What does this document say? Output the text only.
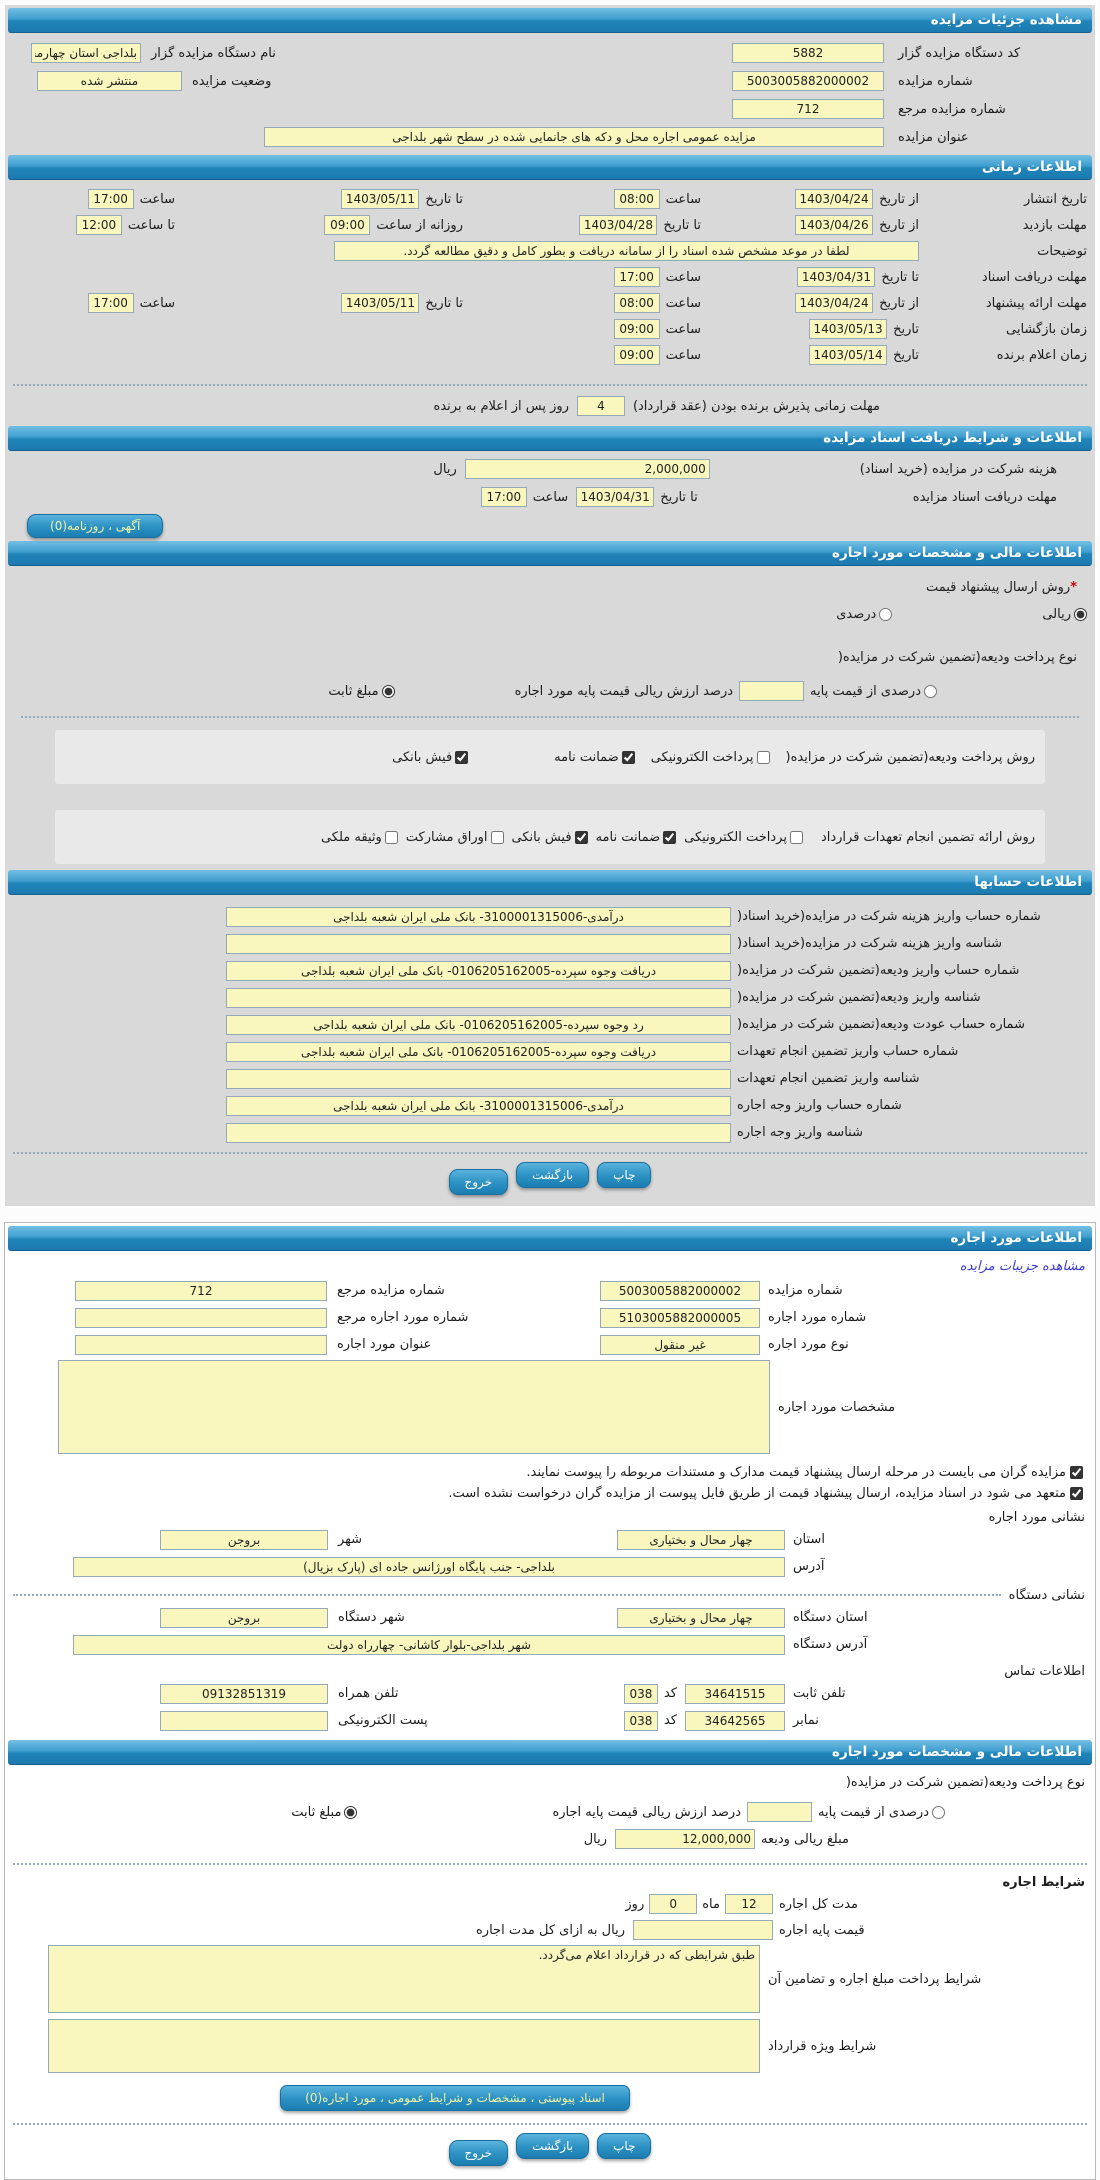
مشاهده جزئیات مزایده
کد دستگاه مزایده گزار
5882
نام دستگاه مزایده گزار
بلداجی استان چهارمحال و
شماره مزایده
5003005882000002
وضعیت مزایده
منتشر شده
شماره مزایده مرجع
712
عنوان مزایده
مزایده عمومی اجاره محل و دکه های جانمایی شده در سطح شهر بلداجی
اطلاعات زمانی
تاریخ انتشار
از تاریخ
1403/04/24
ساعت
08:00
تا تاریخ
1403/05/11
ساعت
17:00
مهلت بازدید
از تاریخ
1403/04/26
تا تاریخ
1403/04/28
روزانه از ساعت
09:00
تا ساعت
12:00
توضیحات
لطفا در موعد مشخص شده اسناد را از سامانه دریافت و بطور کامل و دقیق مطالعه گردد.
مهلت دریافت اسناد
تا تاریخ
1403/04/31
ساعت
17:00
مهلت ارائه پیشنهاد
از تاریخ
1403/04/24
ساعت
08:00
تا تاریخ
1403/05/11
ساعت
17:00
زمان بازگشایی
تاریخ
1403/05/13
ساعت
09:00
زمان اعلام برنده
تاریخ
1403/05/14
ساعت
09:00
مهلت زمانی پذیرش برنده بودن (عقد قرارداد)
4
روز پس از اعلام به برنده
اطلاعات و شرایط دریافت اسناد مزایده
هزینه شرکت در مزایده (خرید اسناد)
2,000,000
ریال
مهلت دریافت اسناد مزایده
تا تاریخ
1403/04/31
ساعت
17:00
آگهی ، روزنامه(0)
اطلاعات مالی و مشخصات مورد اجاره
*
روش ارسال پیشنهاد قیمت
ریالی
درصدی
نوع پرداخت ودیعه(تضمین شرکت در مزایده(
درصدی از قیمت پایه
درصد ارزش ریالی قیمت پایه مورد اجاره
مبلغ ثابت
روش پرداخت ودیعه(تضمین شرکت در مزایده(
پرداخت الکترونیکی
ضمانت نامه
فیش بانکی
روش ارائه تضمین انجام تعهدات قرارداد
پرداخت الکترونیکی
ضمانت نامه
فیش بانکی
اوراق مشارکت
وثیقه ملکی
اطلاعات حسابها
شماره حساب واریز هزینه شرکت در مزایده(خرید اسناد(
درآمدی-3100001315006- بانک ملی ایران شعبه بلداجی
شناسه واریز هزینه شرکت در مزایده(خرید اسناد(
شماره حساب واریز ودیعه(تضمین شرکت در مزایده(
دریافت وجوه سپرده-0106205162005- بانک ملی ایران شعبه بلداجی
شناسه واریز ودیعه(تضمین شرکت در مزایده(
شماره حساب عودت ودیعه(تضمین شرکت در مزایده(
رد وجوه سپرده-0106205162005- بانک ملی ایران شعبه بلداجی
شماره حساب واریز تضمین انجام تعهدات
دریافت وجوه سپرده-0106205162005- بانک ملی ایران شعبه بلداجی
شناسه واریز تضمین انجام تعهدات
شماره حساب واریز وجه اجاره
درآمدی-3100001315006- بانک ملی ایران شعبه بلداجی
شناسه واریز وجه اجاره
چاپ
بازگشت
خروج
اطلاعات مورد اجاره
مشاهده جزیبات مزایده
شماره مزایده
5003005882000002
شماره مزایده مرجع
712
شماره مورد اجاره
5103005882000005
شماره مورد اجاره مرجع
نوع مورد اجاره
غیر منقول
عنوان مورد اجاره
مشخصات مورد اجاره
مزایده گران می بایست در مرحله ارسال پیشنهاد قیمت مدارک و مستندات مربوطه را پیوست نمایند.
متعهد می شود در اسناد مزایده، ارسال پیشنهاد قیمت از طریق فایل پیوست از مزایده گران درخواست نشده است.
نشانی مورد اجاره
استان
چهار محال و بختیاری
شهر
بروجن
آدرس
بلداجی- جنب پایگاه اورژانس جاده ای (پارک بزیال)
نشانی دستگاه
استان دستگاه
چهار محال و بختیاری
شهر دستگاه
بروجن
آدرس دستگاه
شهر بلداجی-بلوار کاشانی- چهارراه دولت
اطلاعات تماس
تلفن ثابت
34641515
کد
038
تلفن همراه
09132851319
نمابر
34642565
کد
038
پست الکترونیکی
اطلاعات مالی و مشخصات مورد اجاره
نوع پرداخت ودیعه(تضمین شرکت در مزایده(
درصدی از قیمت پایه
درصد ارزش ریالی قیمت پایه اجاره
مبلغ ثابت
مبلغ ریالی ودیعه
12,000,000
ریال
شرایط اجاره
مدت کل اجاره
12
ماه
0
روز
قیمت پایه اجاره
ریال به ازای کل مدت اجاره
شرایط پرداخت مبلغ اجاره و تضامین آن
طبق شرایطی که در قرارداد اعلام می‌گردد.
شرایط ویژه قرارداد
اسناد پیوستی ، مشخصات و شرایط عمومی ، مورد اجاره(0)
چاپ
بازگشت
خروج
